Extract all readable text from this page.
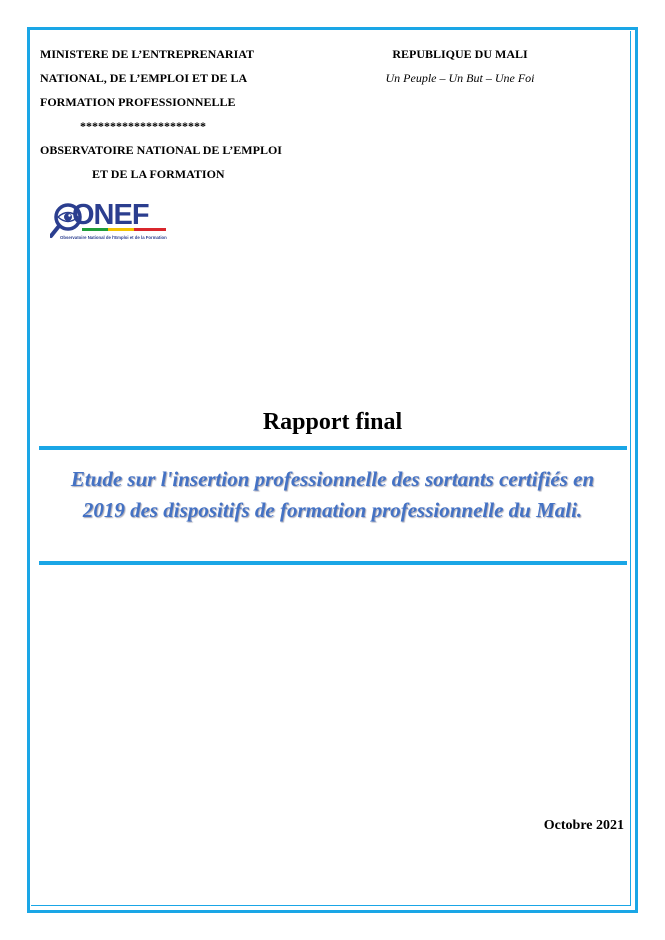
MINISTERE DE L’ENTREPRENARIAT
NATIONAL, DE L’EMPLOI ET DE LA
FORMATION PROFESSIONNELLE
*********************
OBSERVATOIRE NATIONAL DE L’EMPLOI
ET DE LA FORMATION
REPUBLIQUE DU MALI
Un Peuple – Un But – Une Foi
ONEF
Observatoire National de l'Emploi et de la Formation
Rapport final
Etude sur l'insertion professionnelle des sortants certifiés en
2019 des dispositifs de formation professionnelle du Mali.
Octobre 2021
